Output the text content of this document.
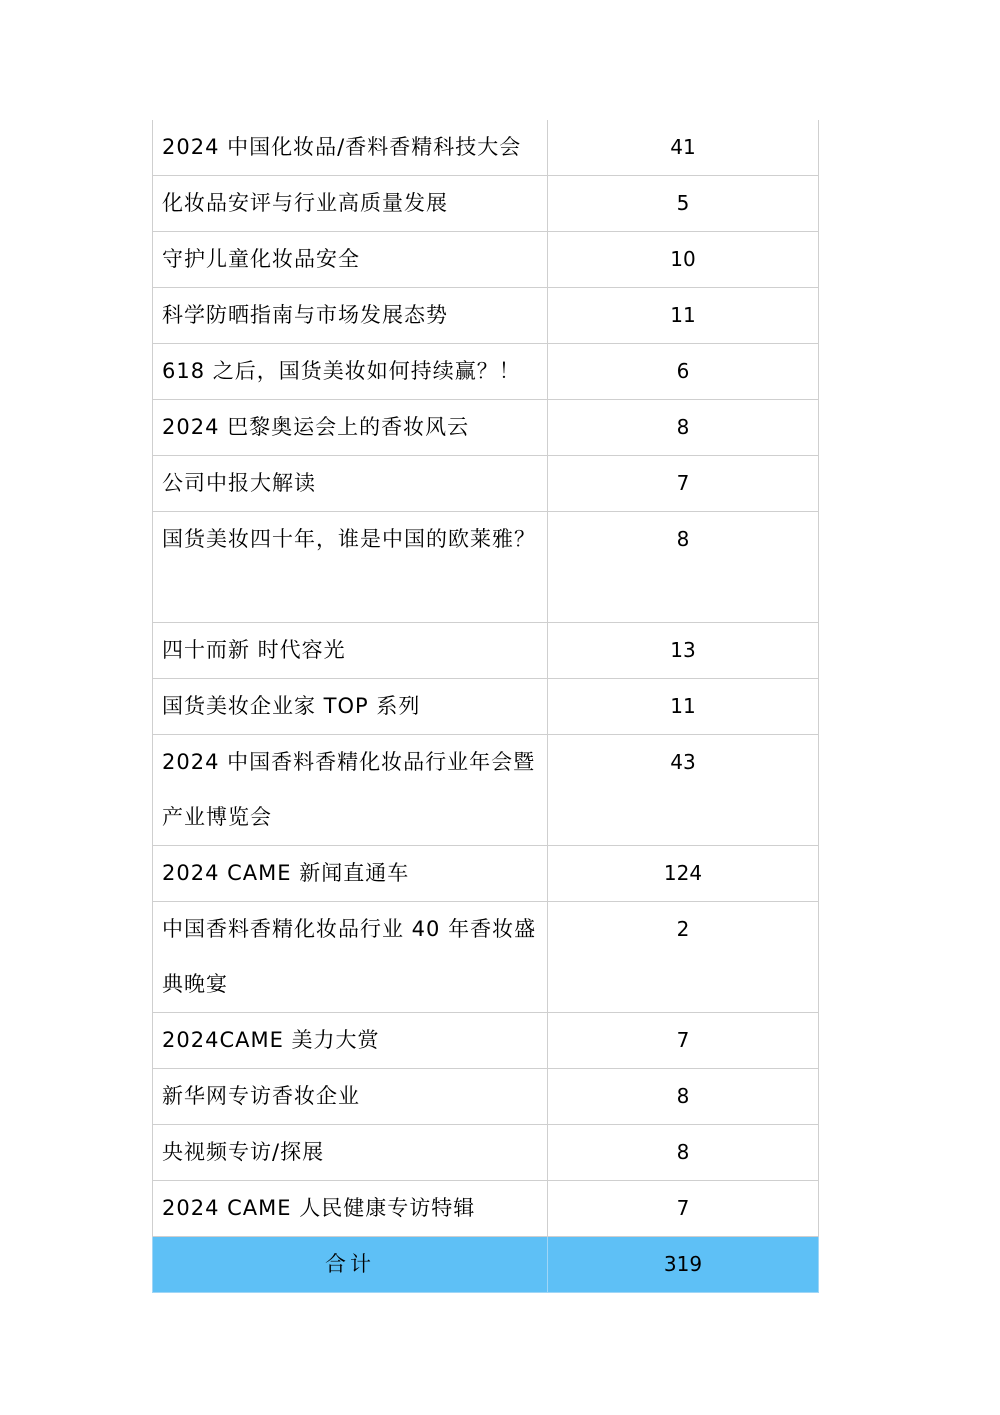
2024 中国化妆品/香料香精科技大会	41

化妆品安评与行业高质量发展	5

守护儿童化妆品安全	10

科学防晒指南与市场发展态势	11

618 之后，国货美妆如何持续赢？！	6

2024 巴黎奥运会上的香妆风云	8

公司中报大解读	7

国货美妆四十年，谁是中国的欧莱雅？	8

四十而新 时代容光	13

国货美妆企业家 TOP 系列	11

2024 中国香料香精化妆品行业年会暨产业博览会	43

2024 CAME 新闻直通车	124

中国香料香精化妆品行业 40 年香妆盛典晚宴	2

2024CAME 美力大赏	7

新华网专访香妆企业	8

央视频专访/探展	8

2024 CAME 人民健康专访特辑	7

合计	319
